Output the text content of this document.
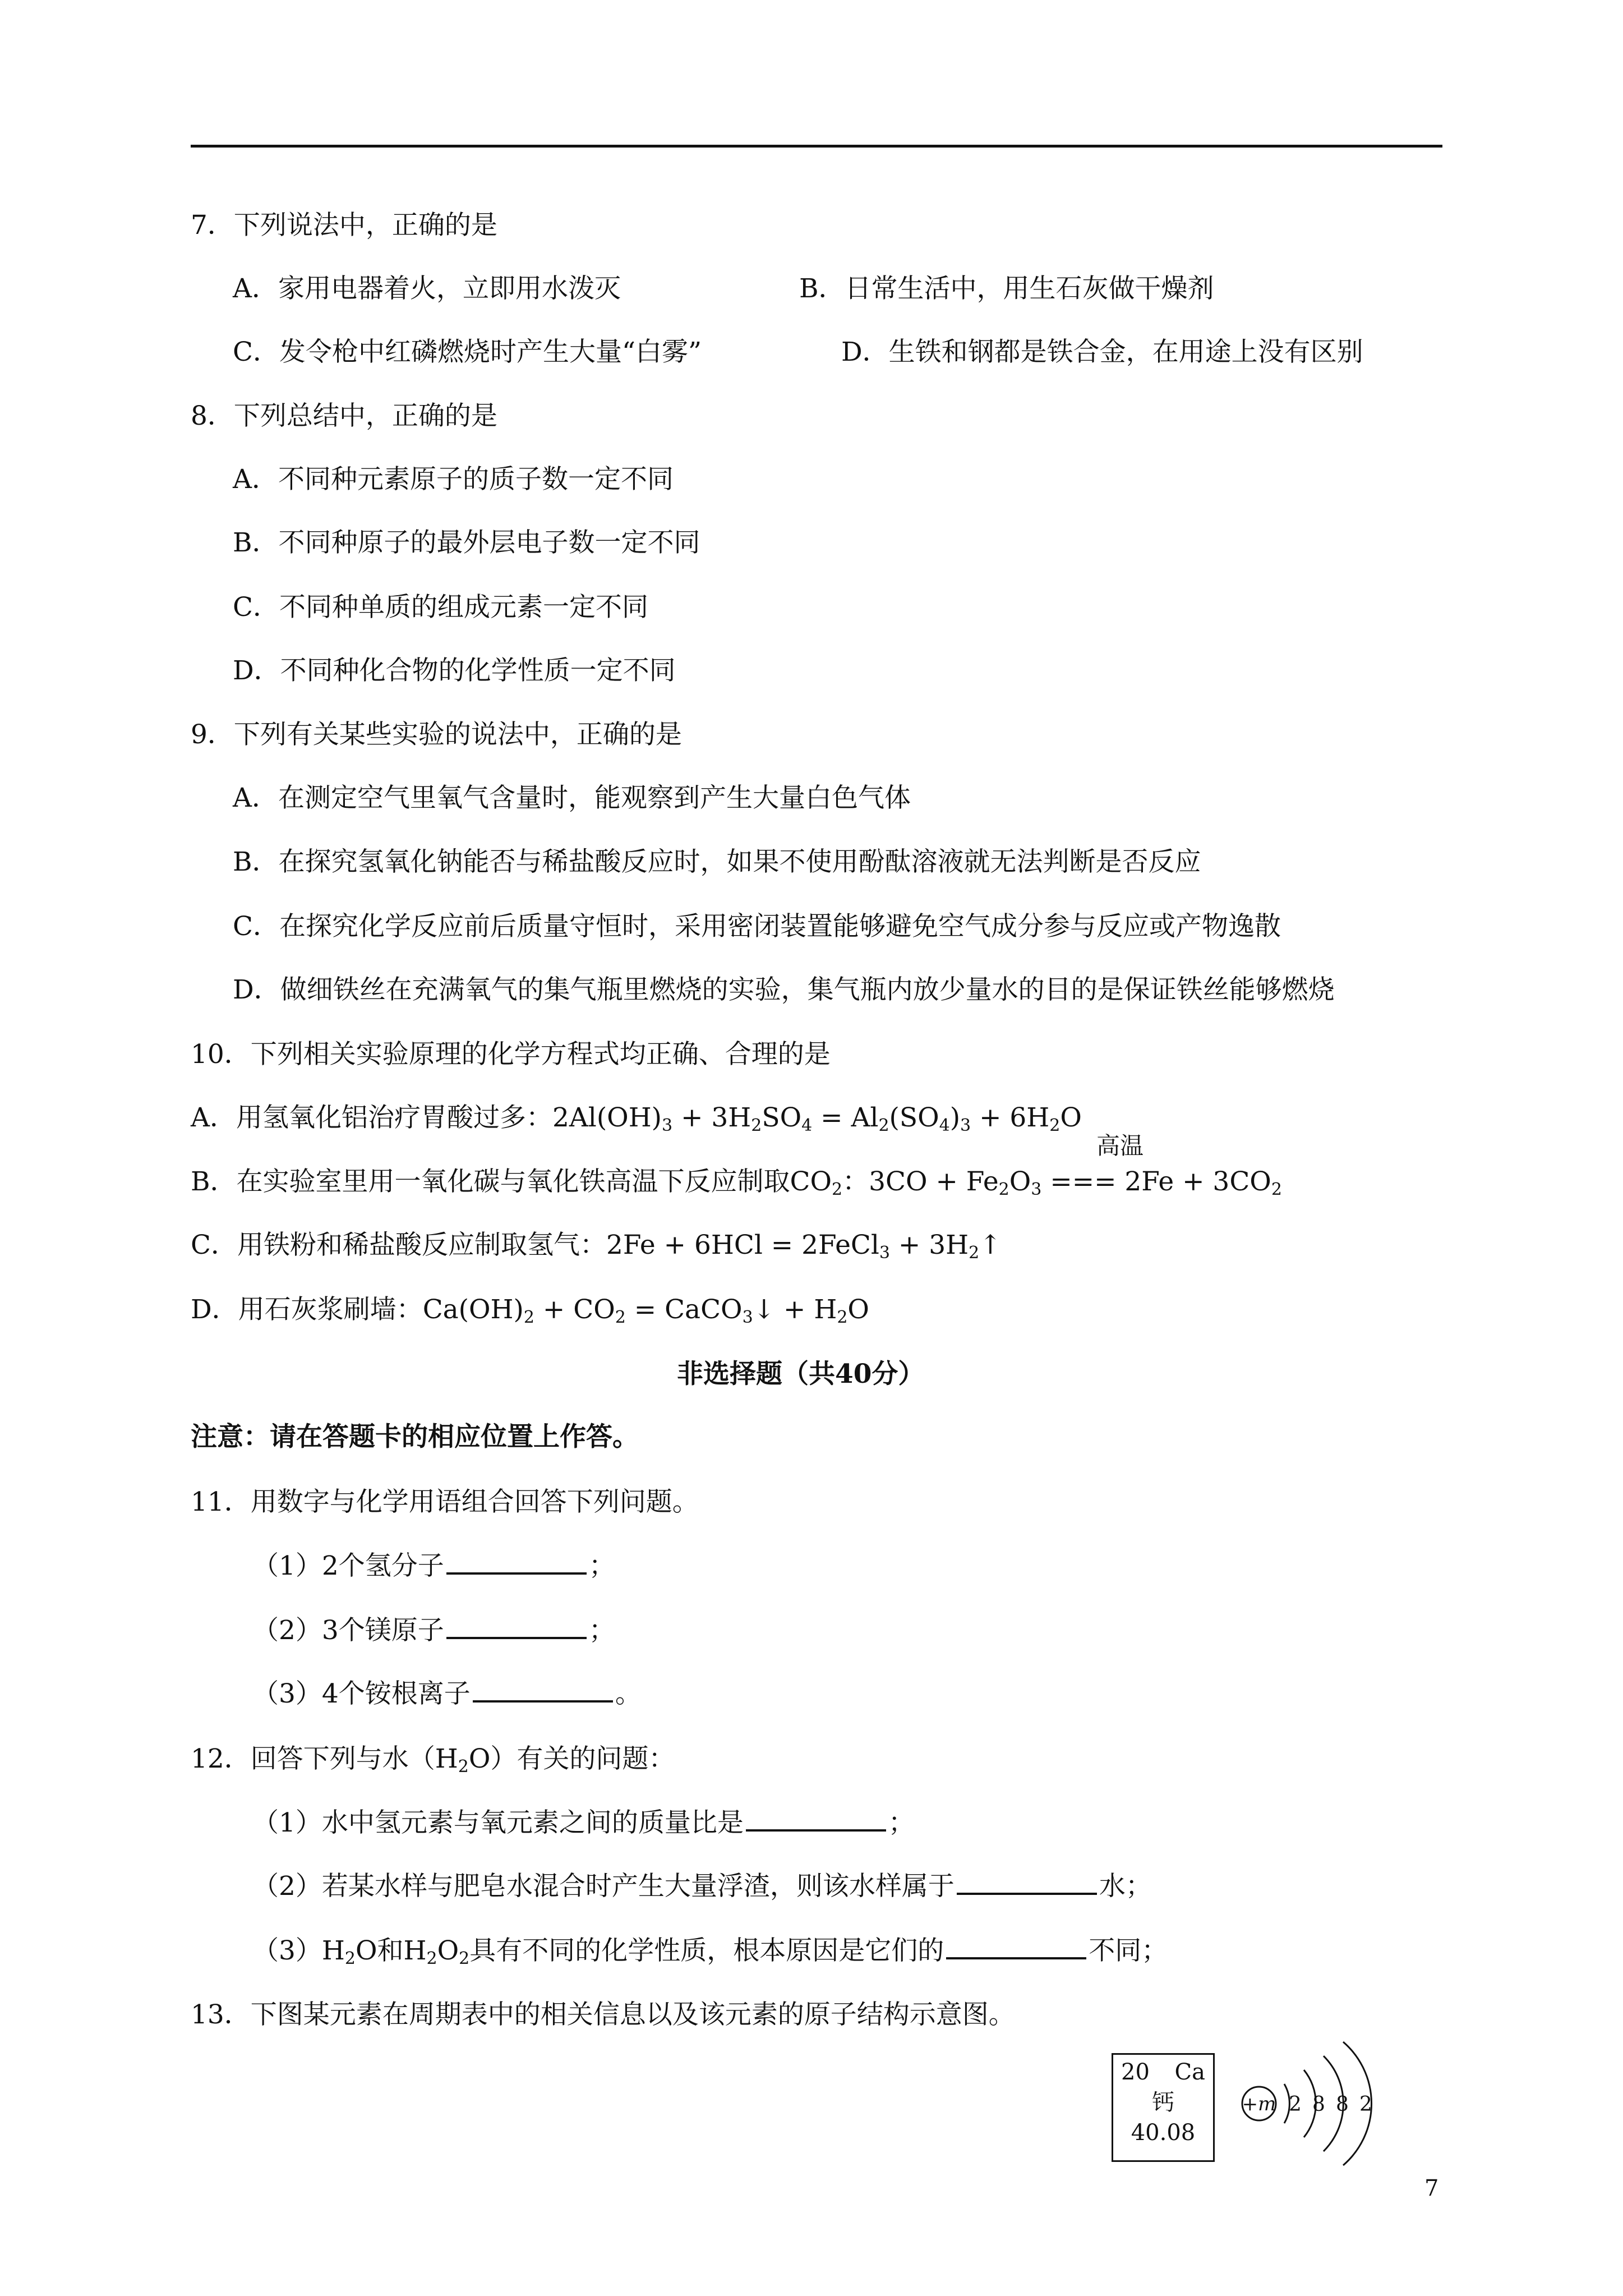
7．下列说法中，正确的是
A．家用电器着火，立即用水泼灭	B．日常生活中，用生石灰做干燥剂
C．发令枪中红磷燃烧时产生大量“白雾”	D．生铁和钢都是铁合金，在用途上没有区别
8．下列总结中，正确的是
A．不同种元素原子的质子数一定不同
B．不同种原子的最外层电子数一定不同
C．不同种单质的组成元素一定不同
D．不同种化合物的化学性质一定不同
9．下列有关某些实验的说法中，正确的是
A．在测定空气里氧气含量时，能观察到产生大量白色气体
B．在探究氢氧化钠能否与稀盐酸反应时，如果不使用酚酞溶液就无法判断是否反应
C．在探究化学反应前后质量守恒时，采用密闭装置能够避免空气成分参与反应或产物逸散
D．做细铁丝在充满氧气的集气瓶里燃烧的实验，集气瓶内放少量水的目的是保证铁丝能够燃烧
10．下列相关实验原理的化学方程式均正确、合理的是
A．用氢氧化铝治疗胃酸过多：$2Al(OH)_3 + 3H_2SO_4 = Al_2(SO_4)_3 + 6H_2O$
高温
B．在实验室里用一氧化碳与氧化铁高温下反应制取$CO_2$：$3CO + Fe_2O_3$ === $2Fe + 3CO_2$
C．用铁粉和稀盐酸反应制取氢气：2Fe + 6HCl = 2FeCl$_3$ + $3H_2↑$
D．用石灰浆刷墙：$Ca(OH)_2 + CO_2$ = CaCO$_3$↓ + $H_2O$
非选择题（共40分）
注意：请在答题卡的相应位置上作答。
11．用数字与化学用语组合回答下列问题。
（1）2个氢分子	；
（2）3个镁原子	；
（3）4个铵根离子	。
12．回答下列与水$(H_2O)$有关的问题：
（1）水中氢元素与氧元素之间的质量比是	；
（2）若某水样与肥皂水混合时产生大量浮渣，则该水样属于	水；
$(3)H_2O$和$H_2O_2$具有不同的化学性质，根本原因是它们的	不同；
13．下图某元素在周期表中的相关信息以及该元素的原子结构示意图。
20 Ca
钙
40.08
+m 2 8 8 2
7
